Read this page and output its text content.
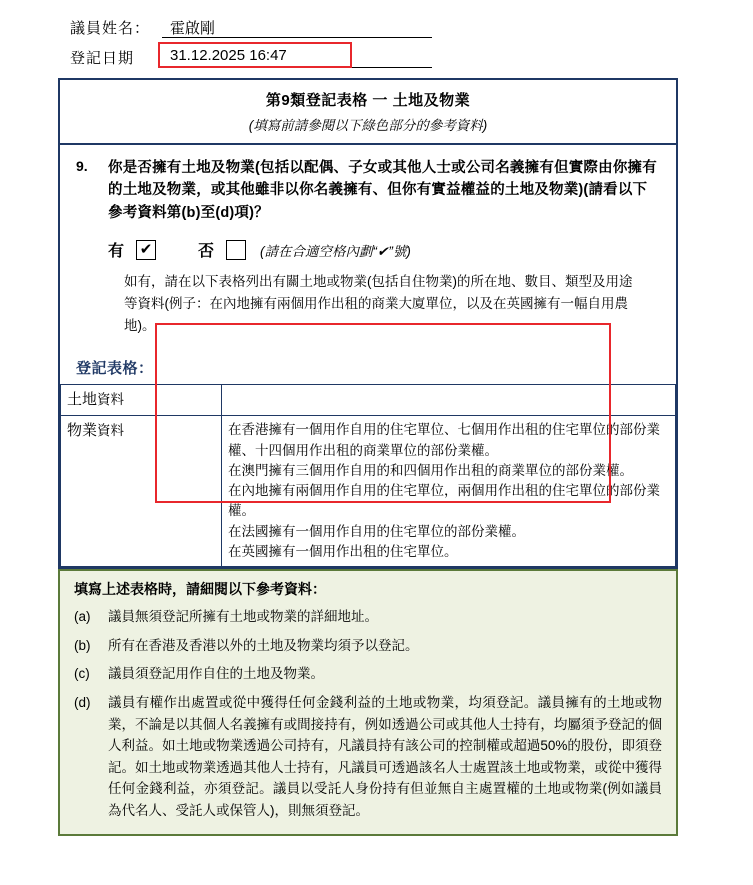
議員姓名：	霍啟剛
登記日期	31.12.2025 16:47
第9類登記表格 一 土地及物業
(填寫前請參閱以下綠色部分的參考資料)
9.	你是否擁有土地及物業(包括以配偶、子女或其他人士或公司名義擁有但實際由你擁有的土地及物業，或其他雖非以你名義擁有、但你有實益權益的土地及物業)(請看以下參考資料第(b)至(d)項)？
有 ✔	否	(請在合適空格內劃“✔”號)
如有，請在以下表格列出有關土地或物業(包括自住物業)的所在地、數目、類型及用途等資料(例子：在內地擁有兩個用作出租的商業大廈單位，以及在英國擁有一幅自用農地)。
登記表格：
土地資料	
物業資料	在香港擁有一個用作自用的住宅單位、七個用作出租的住宅單位的部份業權、十四個用作出租的商業單位的部份業權。
在澳門擁有三個用作自用的和四個用作出租的商業單位的部份業權。
在內地擁有兩個用作自用的住宅單位，兩個用作出租的住宅單位的部份業權。
在法國擁有一個用作自用的住宅單位的部份業權。
在英國擁有一個用作出租的住宅單位。
填寫上述表格時，請細閱以下參考資料：
(a)	議員無須登記所擁有土地或物業的詳細地址。
(b)	所有在香港及香港以外的土地及物業均須予以登記。
(c)	議員須登記用作自住的土地及物業。
(d)	議員有權作出處置或從中獲得任何金錢利益的土地或物業，均須登記。議員擁有的土地或物業，不論是以其個人名義擁有或間接持有，例如透過公司或其他人士持有，均屬須予登記的個人利益。如土地或物業透過公司持有，凡議員持有該公司的控制權或超過50%的股份，即須登記。如土地或物業透過其他人士持有，凡議員可透過該名人士處置該土地或物業，或從中獲得任何金錢利益，亦須登記。議員以受託人身份持有但並無自主處置權的土地或物業(例如議員為代名人、受託人或保管人)，則無須登記。
